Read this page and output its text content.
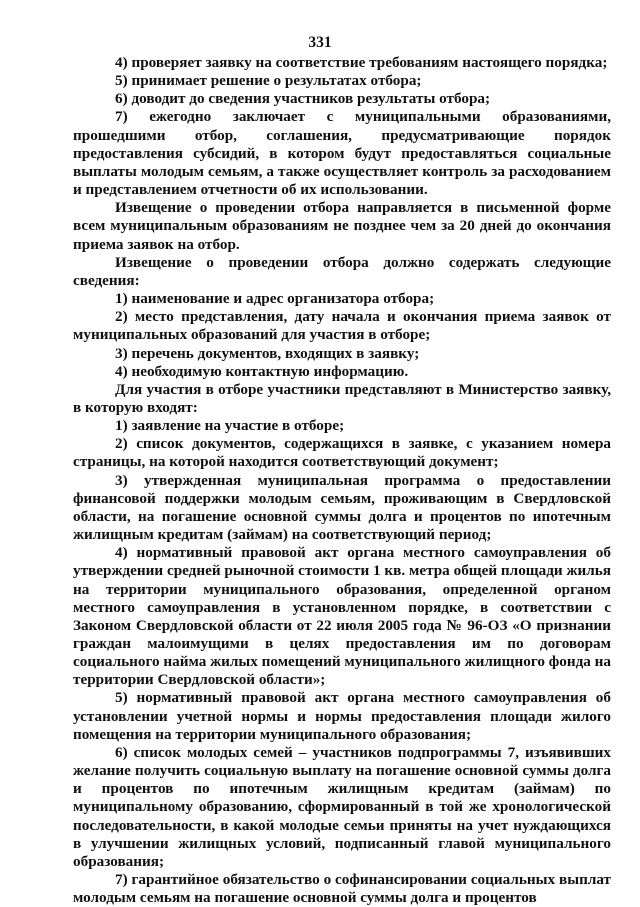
331

4) проверяет заявку на соответствие требованиям настоящего порядка;

5) принимает решение о результатах отбора;

6) доводит до сведения участников результаты отбора;

7) ежегодно заключает с муниципальными образованиями, прошедшими отбор, соглашения, предусматривающие порядок предоставления субсидий, в котором будут предоставляться социальные выплаты молодым семьям, а также осуществляет контроль за расходованием и представлением отчетности об их использовании.

Извещение о проведении отбора направляется в письменной форме всем муниципальным образованиям не позднее чем за 20 дней до окончания приема заявок на отбор.

Извещение о проведении отбора должно содержать следующие сведения:

1) наименование и адрес организатора отбора;

2) место представления, дату начала и окончания приема заявок от муниципальных образований для участия в отборе;

3) перечень документов, входящих в заявку;

4) необходимую контактную информацию.

Для участия в отборе участники представляют в Министерство заявку, в которую входят:

1) заявление на участие в отборе;

2) список документов, содержащихся в заявке, с указанием номера страницы, на которой находится соответствующий документ;

3) утвержденная муниципальная программа о предоставлении финансовой поддержки молодым семьям, проживающим в Свердловской области, на погашение основной суммы долга и процентов по ипотечным жилищным кредитам (займам) на соответствующий период;

4) нормативный правовой акт органа местного самоуправления об утверждении средней рыночной стоимости 1 кв. метра общей площади жилья на территории муниципального образования, определенной органом местного самоуправления в установленном порядке, в соответствии с Законом Свердловской области от 22 июля 2005 года № 96-ОЗ «О признании граждан малоимущими в целях предоставления им по договорам социального найма жилых помещений муниципального жилищного фонда на территории Свердловской области»;

5) нормативный правовой акт органа местного самоуправления об установлении учетной нормы и нормы предоставления площади жилого помещения на территории муниципального образования;

6) список молодых семей – участников подпрограммы 7, изъявивших желание получить социальную выплату на погашение основной суммы долга и процентов по ипотечным жилищным кредитам (займам) по муниципальному образованию, сформированный в той же хронологической последовательности, в какой молодые семьи приняты на учет нуждающихся в улучшении жилищных условий, подписанный главой муниципального образования;

7) гарантийное обязательство о софинансировании социальных выплат молодым семьям на погашение основной суммы долга и процентов
